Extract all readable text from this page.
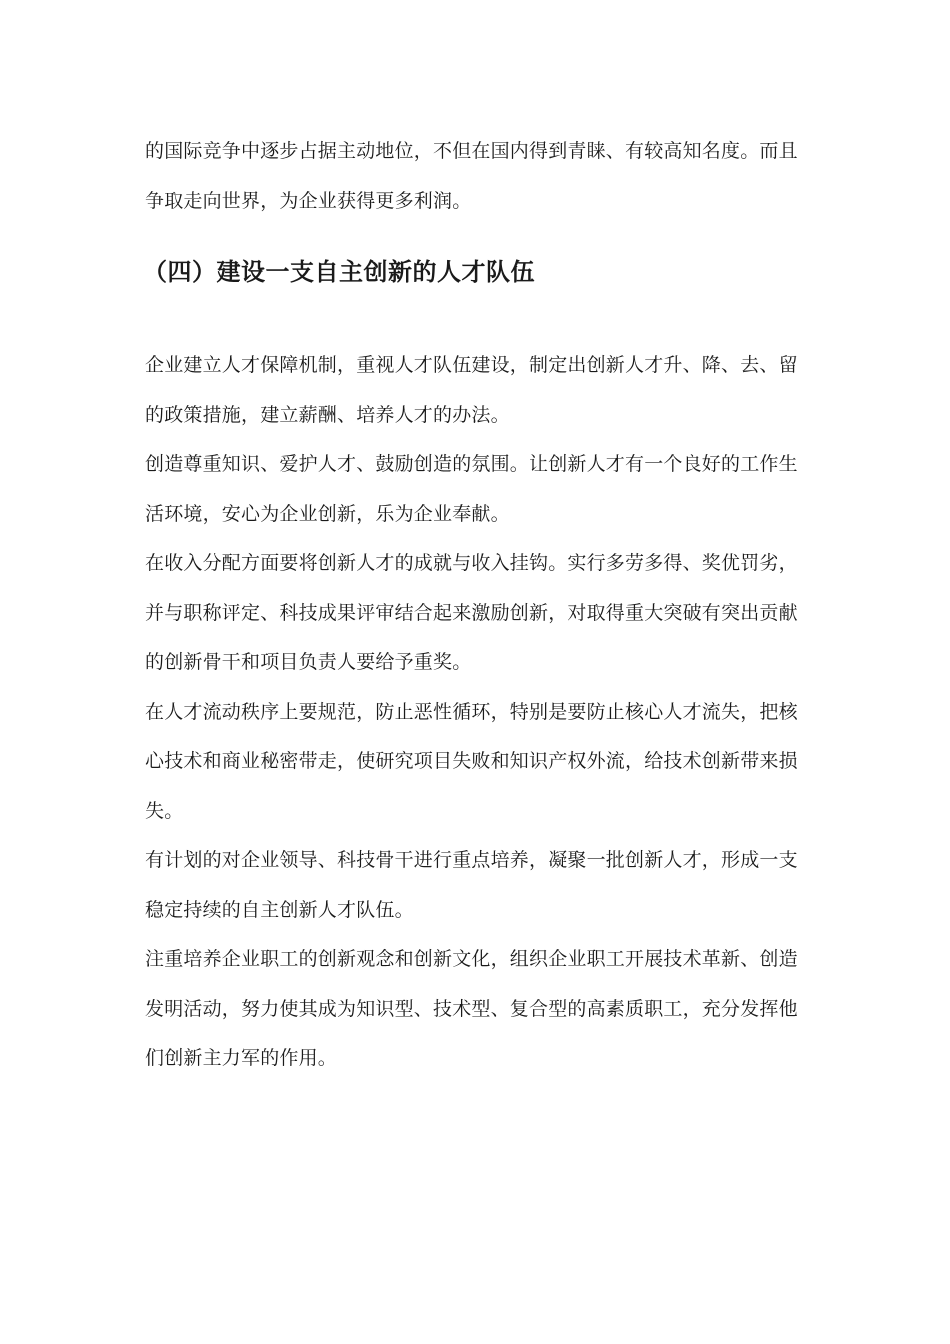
的国际竞争中逐步占据主动地位，不但在国内得到青睐、有较高知名度。而且

争取走向世界，为企业获得更多利润。

（四）建设一支自主创新的人才队伍

企业建立人才保障机制，重视人才队伍建设，制定出创新人才升、降、去、留

的政策措施，建立薪酬、培养人才的办法。

创造尊重知识、爱护人才、鼓励创造的氛围。让创新人才有一个良好的工作生

活环境，安心为企业创新，乐为企业奉献。

在收入分配方面要将创新人才的成就与收入挂钩。实行多劳多得、奖优罚劣，

并与职称评定、科技成果评审结合起来激励创新，对取得重大突破有突出贡献

的创新骨干和项目负责人要给予重奖。

在人才流动秩序上要规范，防止恶性循环，特别是要防止核心人才流失，把核

心技术和商业秘密带走，使研究项目失败和知识产权外流，给技术创新带来损

失。

有计划的对企业领导、科技骨干进行重点培养，凝聚一批创新人才，形成一支

稳定持续的自主创新人才队伍。

注重培养企业职工的创新观念和创新文化，组织企业职工开展技术革新、创造

发明活动，努力使其成为知识型、技术型、复合型的高素质职工，充分发挥他

们创新主力军的作用。
